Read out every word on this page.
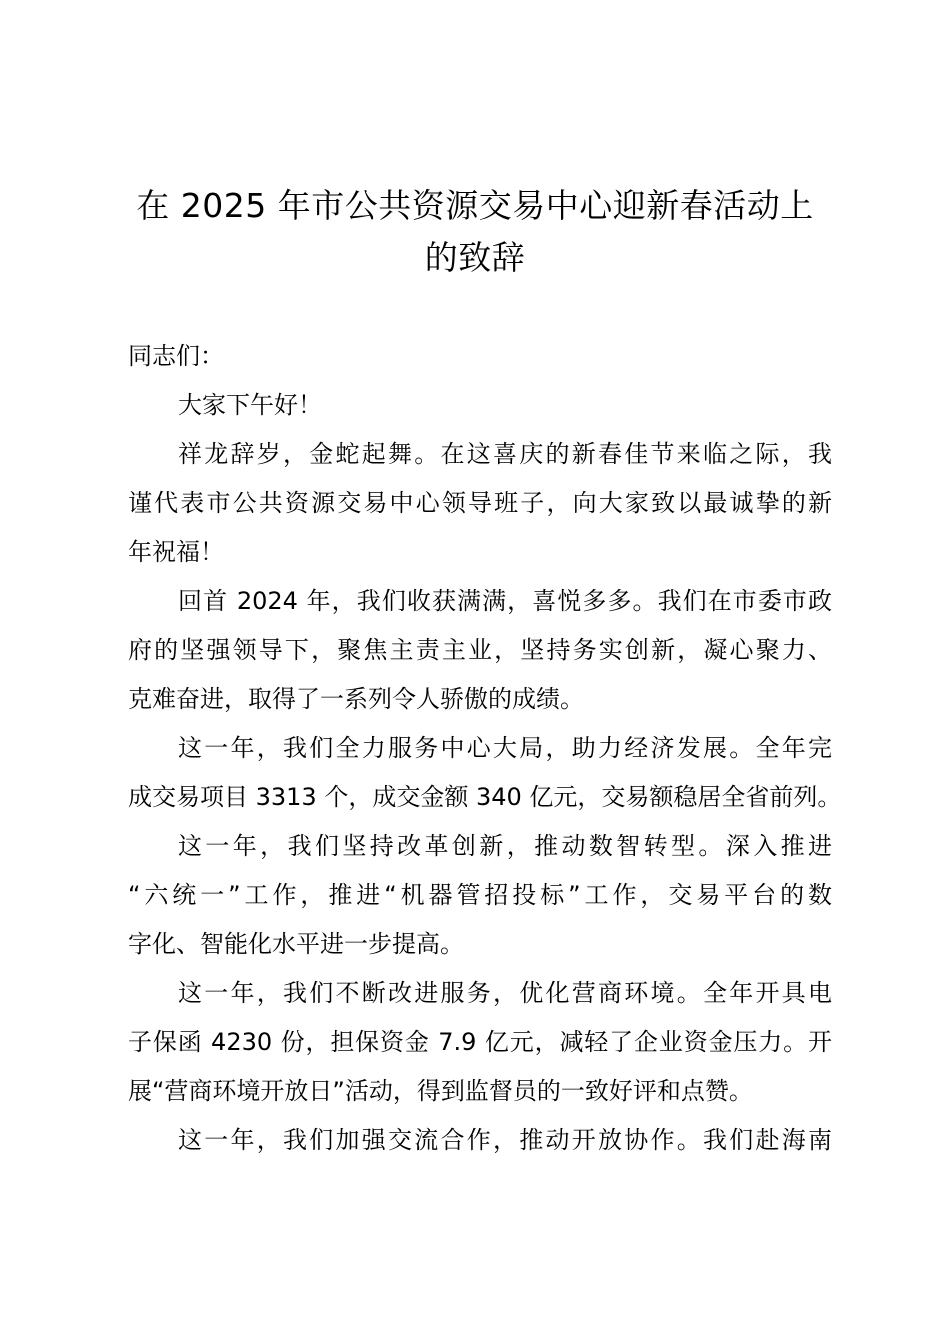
在 2025 年市公共资源交易中心迎新春活动上
的致辞
同志们：
大家下午好！
祥龙辞岁，金蛇起舞。在这喜庆的新春佳节来临之际，我
谨代表市公共资源交易中心领导班子，向大家致以最诚挚的新
年祝福！
回首 2024 年，我们收获满满，喜悦多多。我们在市委市政
府的坚强领导下，聚焦主责主业，坚持务实创新，凝心聚力、
克难奋进，取得了一系列令人骄傲的成绩。
这一年，我们全力服务中心大局，助力经济发展。全年完
成交易项目 3313 个，成交金额 340 亿元，交易额稳居全省前列。
这一年，我们坚持改革创新，推动数智转型。深入推进
“六统一”工作，推进“机器管招投标”工作，交易平台的数
字化、智能化水平进一步提高。
这一年，我们不断改进服务，优化营商环境。全年开具电
子保函 4230 份，担保资金 7.9 亿元，减轻了企业资金压力。开
展“营商环境开放日”活动，得到监督员的一致好评和点赞。
这一年，我们加强交流合作，推动开放协作。我们赴海南
